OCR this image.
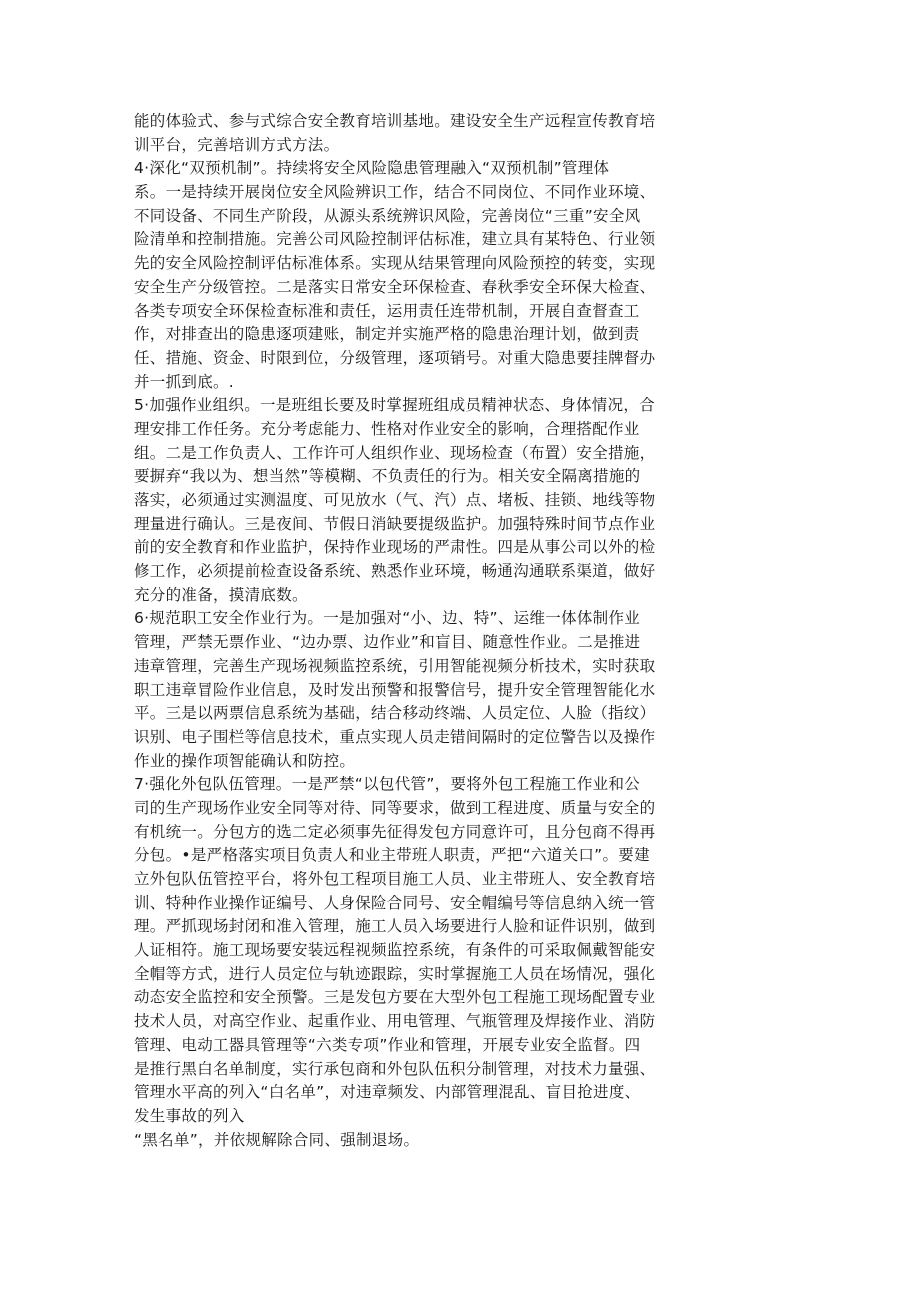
能的体验式、参与式综合安全教育培训基地。建设安全生产远程宣传教育培
训平台，完善培训方式方法。
4·深化“双预机制”。持续将安全风险隐患管理融入“双预机制”管理体
系。一是持续开展岗位安全风险辨识工作，结合不同岗位、不同作业环境、
不同设备、不同生产阶段，从源头系统辨识风险，完善岗位“三重”安全风
险清单和控制措施。完善公司风险控制评估标准，建立具有某特色、行业领
先的安全风险控制评估标准体系。实现从结果管理向风险预控的转变，实现
安全生产分级管控。二是落实日常安全环保检查、春秋季安全环保大检查、
各类专项安全环保检查标准和责任，运用责任连带机制，开展自查督查工
作，对排查出的隐患逐项建账，制定并实施严格的隐患治理计划，做到责
任、措施、资金、时限到位，分级管理，逐项销号。对重大隐患要挂牌督办
并一抓到底。.
5·加强作业组织。一是班组长要及时掌握班组成员精神状态、身体情况，合
理安排工作任务。充分考虑能力、性格对作业安全的影响，合理搭配作业
组。二是工作负责人、工作许可人组织作业、现场检查（布置）安全措施，
要摒弃“我以为、想当然”等模糊、不负责任的行为。相关安全隔离措施的
落实，必须通过实测温度、可见放水（气、汽）点、堵板、挂锁、地线等物
理量进行确认。三是夜间、节假日消缺要提级监护。加强特殊时间节点作业
前的安全教育和作业监护，保持作业现场的严肃性。四是从事公司以外的检
修工作，必须提前检查设备系统、熟悉作业环境，畅通沟通联系渠道，做好
充分的准备，摸清底数。
6·规范职工安全作业行为。一是加强对“小、边、特”、运维一体体制作业
管理，严禁无票作业、“边办票、边作业”和盲目、随意性作业。二是推进
违章管理，完善生产现场视频监控系统，引用智能视频分析技术，实时获取
职工违章冒险作业信息，及时发出预警和报警信号，提升安全管理智能化水
平。三是以两票信息系统为基础，结合移动终端、人员定位、人脸（指纹）
识别、电子围栏等信息技术，重点实现人员走错间隔时的定位警告以及操作
作业的操作项智能确认和防控。
7·强化外包队伍管理。一是严禁“以包代管”，要将外包工程施工作业和公
司的生产现场作业安全同等对待、同等要求，做到工程进度、质量与安全的
有机统一。分包方的选二定必须事先征得发包方同意许可，且分包商不得再
分包。•是严格落实项目负责人和业主带班人职责，严把“六道关口”。要建
立外包队伍管控平台，将外包工程项目施工人员、业主带班人、安全教育培
训、特种作业操作证编号、人身保险合同号、安全帽编号等信息纳入统一管
理。严抓现场封闭和准入管理，施工人员入场要进行人脸和证件识别，做到
人证相符。施工现场要安装远程视频监控系统，有条件的可采取佩戴智能安
全帽等方式，进行人员定位与轨迹跟踪，实时掌握施工人员在场情况，强化
动态安全监控和安全预警。三是发包方要在大型外包工程施工现场配置专业
技术人员，对高空作业、起重作业、用电管理、气瓶管理及焊接作业、消防
管理、电动工器具管理等“六类专项”作业和管理，开展专业安全监督。四
是推行黑白名单制度，实行承包商和外包队伍积分制管理，对技术力量强、
管理水平高的列入“白名单”，对违章频发、内部管理混乱、盲目抢进度、
发生事故的列入
“黑名单”，并依规解除合同、强制退场。
